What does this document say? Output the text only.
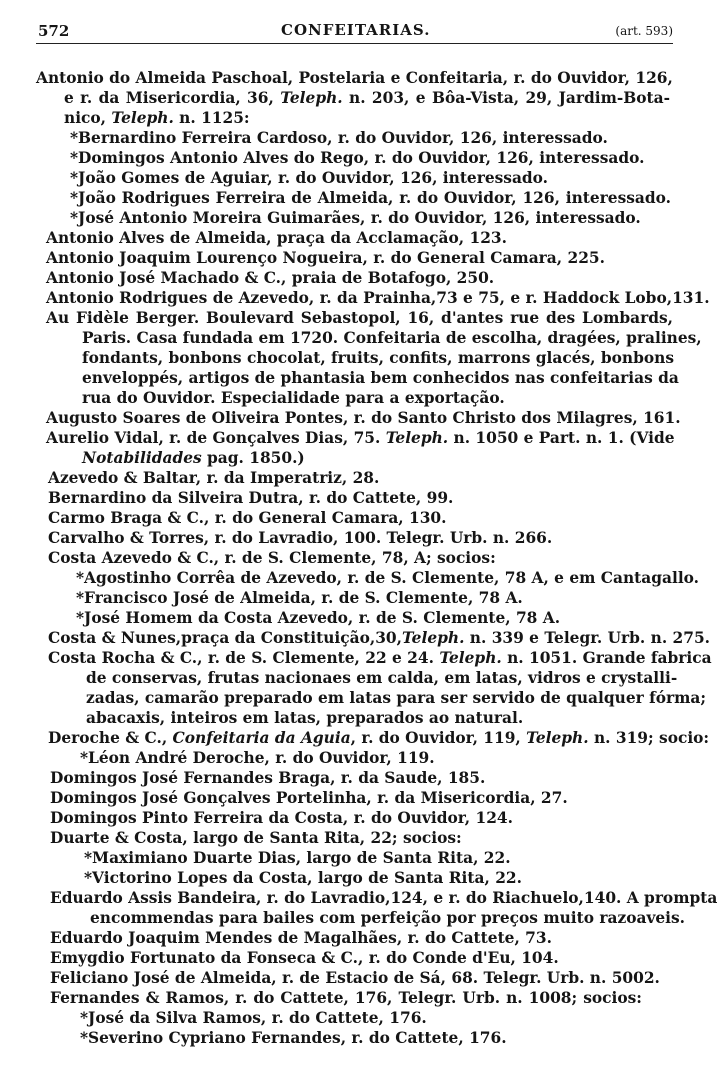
572	CONFEITARIAS.	(art. 593)
Antonio do Almeida Paschoal, Postelaria e Confeitaria, r. do Ouvidor, 126,
e r. da Misericordia, 36, Teleph. n. 203, e Bôa-Vista, 29, Jardim-Bota-
nico, Teleph. n. 1125:
*Bernardino Ferreira Cardoso, r. do Ouvidor, 126, interessado.
*Domingos Antonio Alves do Rego, r. do Ouvidor, 126, interessado.
*João Gomes de Aguiar, r. do Ouvidor, 126, interessado.
*João Rodrigues Ferreira de Almeida, r. do Ouvidor, 126, interessado.
*José Antonio Moreira Guimarães, r. do Ouvidor, 126, interessado.
Antonio Alves de Almeida, praça da Acclamação, 123.
Antonio Joaquim Lourenço Nogueira, r. do General Camara, 225.
Antonio José Machado & C., praia de Botafogo, 250.
Antonio Rodrigues de Azevedo, r. da Prainha,73 e 75, e r. Haddock Lobo,131.
Au Fidèle Berger. Boulevard Sebastopol, 16, d'antes rue des Lombards,
Paris. Casa fundada em 1720. Confeitaria de escolha, dragées, pralines,
fondants, bonbons chocolat, fruits, confits, marrons glacés, bonbons
enveloppés, artigos de phantasia bem conhecidos nas confeitarias da
rua do Ouvidor. Especialidade para a exportação.
Augusto Soares de Oliveira Pontes, r. do Santo Christo dos Milagres, 161.
Aurelio Vidal, r. de Gonçalves Dias, 75. Teleph. n. 1050 e Part. n. 1. (Vide
Notabilidades pag. 1850.)
Azevedo & Baltar, r. da Imperatriz, 28.
Bernardino da Silveira Dutra, r. do Cattete, 99.
Carmo Braga & C., r. do General Camara, 130.
Carvalho & Torres, r. do Lavradio, 100. Telegr. Urb. n. 266.
Costa Azevedo & C., r. de S. Clemente, 78, A; socios:
*Agostinho Corrêa de Azevedo, r. de S. Clemente, 78 A, e em Cantagallo.
*Francisco José de Almeida, r. de S. Clemente, 78 A.
*José Homem da Costa Azevedo, r. de S. Clemente, 78 A.
Costa & Nunes,praça da Constituição,30,Teleph. n. 339 e Telegr. Urb. n. 275.
Costa Rocha & C., r. de S. Clemente, 22 e 24. Teleph. n. 1051. Grande fabrica
de conservas, frutas nacionaes em calda, em latas, vidros e crystalli-
zadas, camarão preparado em latas para ser servido de qualquer fórma;
abacaxis, inteiros em latas, preparados ao natural.
Deroche & C., Confeitaria da Aguia, r. do Ouvidor, 119, Teleph. n. 319; socio:
*Léon André Deroche, r. do Ouvidor, 119.
Domingos José Fernandes Braga, r. da Saude, 185.
Domingos José Gonçalves Portelinha, r. da Misericordia, 27.
Domingos Pinto Ferreira da Costa, r. do Ouvidor, 124.
Duarte & Costa, largo de Santa Rita, 22; socios:
*Maximiano Duarte Dias, largo de Santa Rita, 22.
*Victorino Lopes da Costa, largo de Santa Rita, 22.
Eduardo Assis Bandeira, r. do Lavradio,124, e r. do Riachuelo,140. A prompta
encommendas para bailes com perfeição por preços muito razoaveis.
Eduardo Joaquim Mendes de Magalhães, r. do Cattete, 73.
Emygdio Fortunato da Fonseca & C., r. do Conde d'Eu, 104.
Feliciano José de Almeida, r. de Estacio de Sá, 68. Telegr. Urb. n. 5002.
Fernandes & Ramos, r. do Cattete, 176, Telegr. Urb. n. 1008; socios:
*José da Silva Ramos, r. do Cattete, 176.
*Severino Cypriano Fernandes, r. do Cattete, 176.
